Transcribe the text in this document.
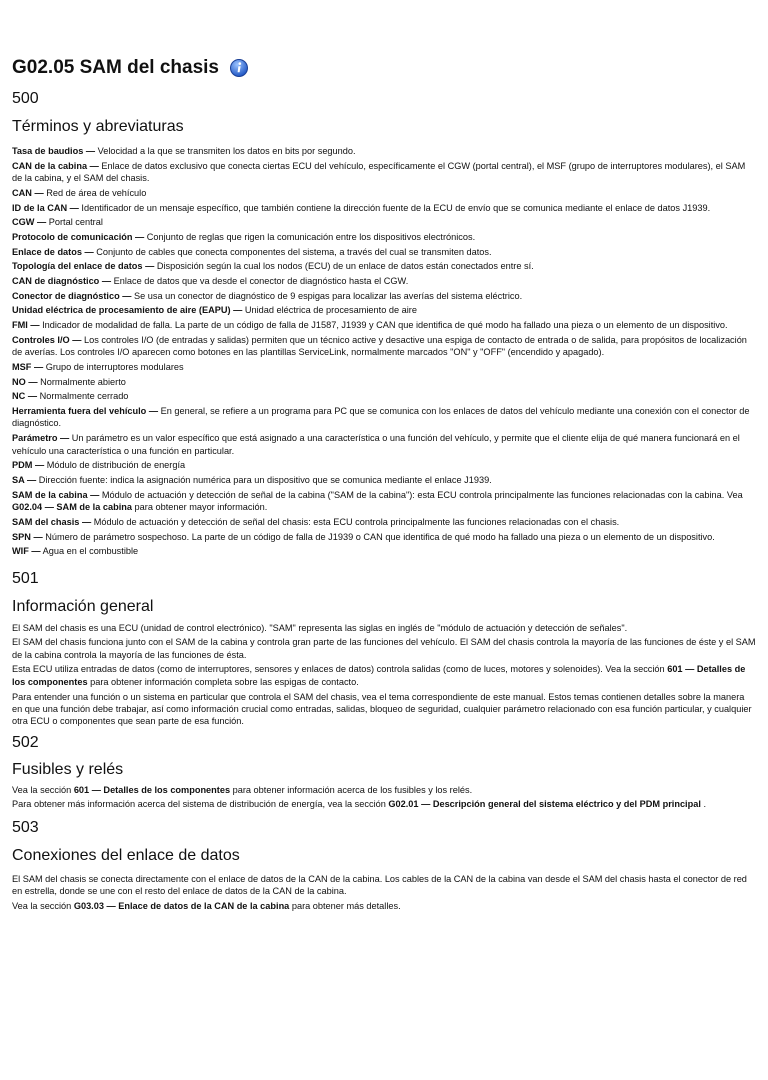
G02.05 SAM del chasis
500
Términos y abreviaturas

Tasa de baudios — Velocidad a la que se transmiten los datos en bits por segundo.

CAN de la cabina — Enlace de datos exclusivo que conecta ciertas ECU del vehículo, específicamente el CGW (portal central), el MSF (grupo de interruptores modulares), el SAM de la cabina, y el SAM del chasis.

CAN — Red de área de vehículo

ID de la CAN — Identificador de un mensaje específico, que también contiene la dirección fuente de la ECU de envío que se comunica mediante el enlace de datos J1939.

CGW — Portal central

Protocolo de comunicación — Conjunto de reglas que rigen la comunicación entre los dispositivos electrónicos.

Enlace de datos — Conjunto de cables que conecta componentes del sistema, a través del cual se transmiten datos.

Topología del enlace de datos — Disposición según la cual los nodos (ECU) de un enlace de datos están conectados entre sí.

CAN de diagnóstico — Enlace de datos que va desde el conector de diagnóstico hasta el CGW.

Conector de diagnóstico — Se usa un conector de diagnóstico de 9 espigas para localizar las averías del sistema eléctrico.

Unidad eléctrica de procesamiento de aire (EAPU) — Unidad eléctrica de procesamiento de aire

FMI — Indicador de modalidad de falla. La parte de un código de falla de J1587, J1939 y CAN que identifica de qué modo ha fallado una pieza o un elemento de un dispositivo.

Controles I/O — Los controles I/O (de entradas y salidas) permiten que un técnico active y desactive una espiga de contacto de entrada o de salida, para propósitos de localización de averías. Los controles I/O aparecen como botones en las plantillas ServiceLink, normalmente marcados "ON" y "OFF" (encendido y apagado).

MSF — Grupo de interruptores modulares

NO — Normalmente abierto

NC — Normalmente cerrado

Herramienta fuera del vehículo — En general, se refiere a un programa para PC que se comunica con los enlaces de datos del vehículo mediante una conexión con el conector de diagnóstico.

Parámetro — Un parámetro es un valor específico que está asignado a una característica o una función del vehículo, y permite que el cliente elija de qué manera funcionará en el vehículo una característica o una función en particular.

PDM — Módulo de distribución de energía

SA — Dirección fuente: indica la asignación numérica para un dispositivo que se comunica mediante el enlace J1939.

SAM de la cabina — Módulo de actuación y detección de señal de la cabina ("SAM de la cabina"): esta ECU controla principalmente las funciones relacionadas con la cabina. Vea G02.04 — SAM de la cabina para obtener mayor información.

SAM del chasis — Módulo de actuación y detección de señal del chasis: esta ECU controla principalmente las funciones relacionadas con el chasis.

SPN — Número de parámetro sospechoso. La parte de un código de falla de J1939 o CAN que identifica de qué modo ha fallado una pieza o un elemento de un dispositivo.

WIF — Agua en el combustible

501
Información general

El SAM del chasis es una ECU (unidad de control electrónico). "SAM" representa las siglas en inglés de "módulo de actuación y detección de señales".

El SAM del chasis funciona junto con el SAM de la cabina y controla gran parte de las funciones del vehículo. El SAM del chasis controla la mayoría de las funciones de éste y el SAM de la cabina controla la mayoría de las funciones de ésta.

Esta ECU utiliza entradas de datos (como de interruptores, sensores y enlaces de datos) controla salidas (como de luces, motores y solenoides). Vea la sección 601 — Detalles de los componentes para obtener información completa sobre las espigas de contacto.

Para entender una función o un sistema en particular que controla el SAM del chasis, vea el tema correspondiente de este manual. Estos temas contienen detalles sobre la manera en que una función debe trabajar, así como información crucial como entradas, salidas, bloqueo de seguridad, cualquier parámetro relacionado con esa función particular, y cualquier otra ECU o componentes que sean parte de esa función.

502
Fusibles y relés

Vea la sección 601 — Detalles de los componentes para obtener información acerca de los fusibles y los relés.

Para obtener más información acerca del sistema de distribución de energía, vea la sección G02.01 — Descripción general del sistema eléctrico y del PDM principal .

503
Conexiones del enlace de datos

El SAM del chasis se conecta directamente con el enlace de datos de la CAN de la cabina. Los cables de la CAN de la cabina van desde el SAM del chasis hasta el conector de red en estrella, donde se une con el resto del enlace de datos de la CAN de la cabina.

Vea la sección G03.03 — Enlace de datos de la CAN de la cabina para obtener más detalles.
